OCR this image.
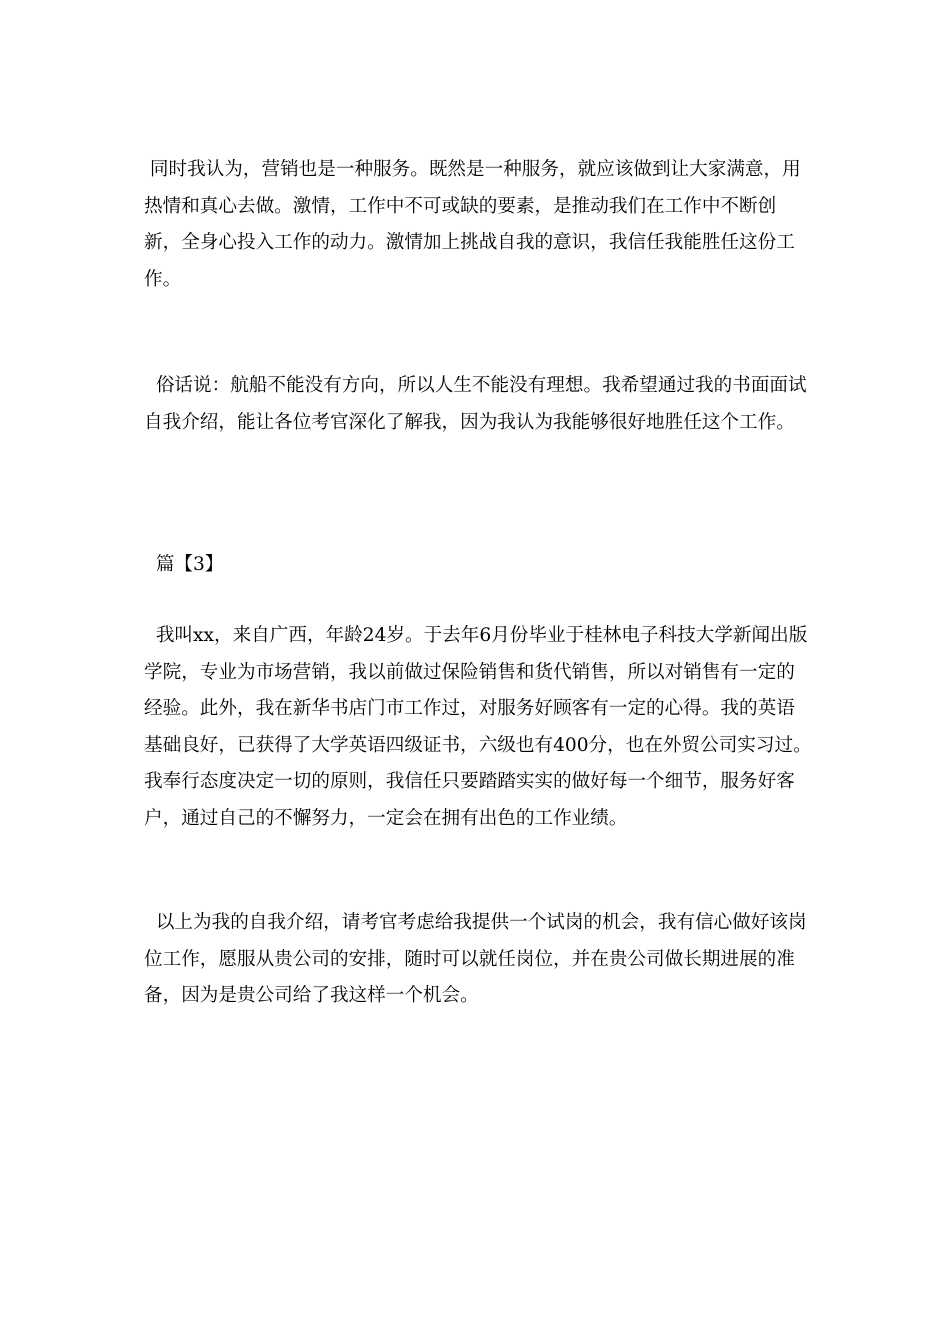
同时我认为，营销也是一种服务。既然是一种服务，就应该做到让大家满意，用热情和真心去做。激情，工作中不可或缺的要素，是推动我们在工作中不断创新，全身心投入工作的动力。激情加上挑战自我的意识，我信任我能胜任这份工作。

俗话说：航船不能没有方向，所以人生不能没有理想。我希望通过我的书面面试自我介绍，能让各位考官深化了解我，因为我认为我能够很好地胜任这个工作。

篇【3】

我叫xx，来自广西，年龄24岁。于去年6月份毕业于桂林电子科技大学新闻出版学院，专业为市场营销，我以前做过保险销售和货代销售，所以对销售有一定的经验。此外，我在新华书店门市工作过，对服务好顾客有一定的心得。我的英语基础良好，已获得了大学英语四级证书，六级也有400分，也在外贸公司实习过。我奉行态度决定一切的原则，我信任只要踏踏实实的做好每一个细节，服务好客户，通过自己的不懈努力，一定会在拥有出色的工作业绩。

以上为我的自我介绍，请考官考虑给我提供一个试岗的机会，我有信心做好该岗位工作，愿服从贵公司的安排，随时可以就任岗位，并在贵公司做长期进展的准备，因为是贵公司给了我这样一个机会。
